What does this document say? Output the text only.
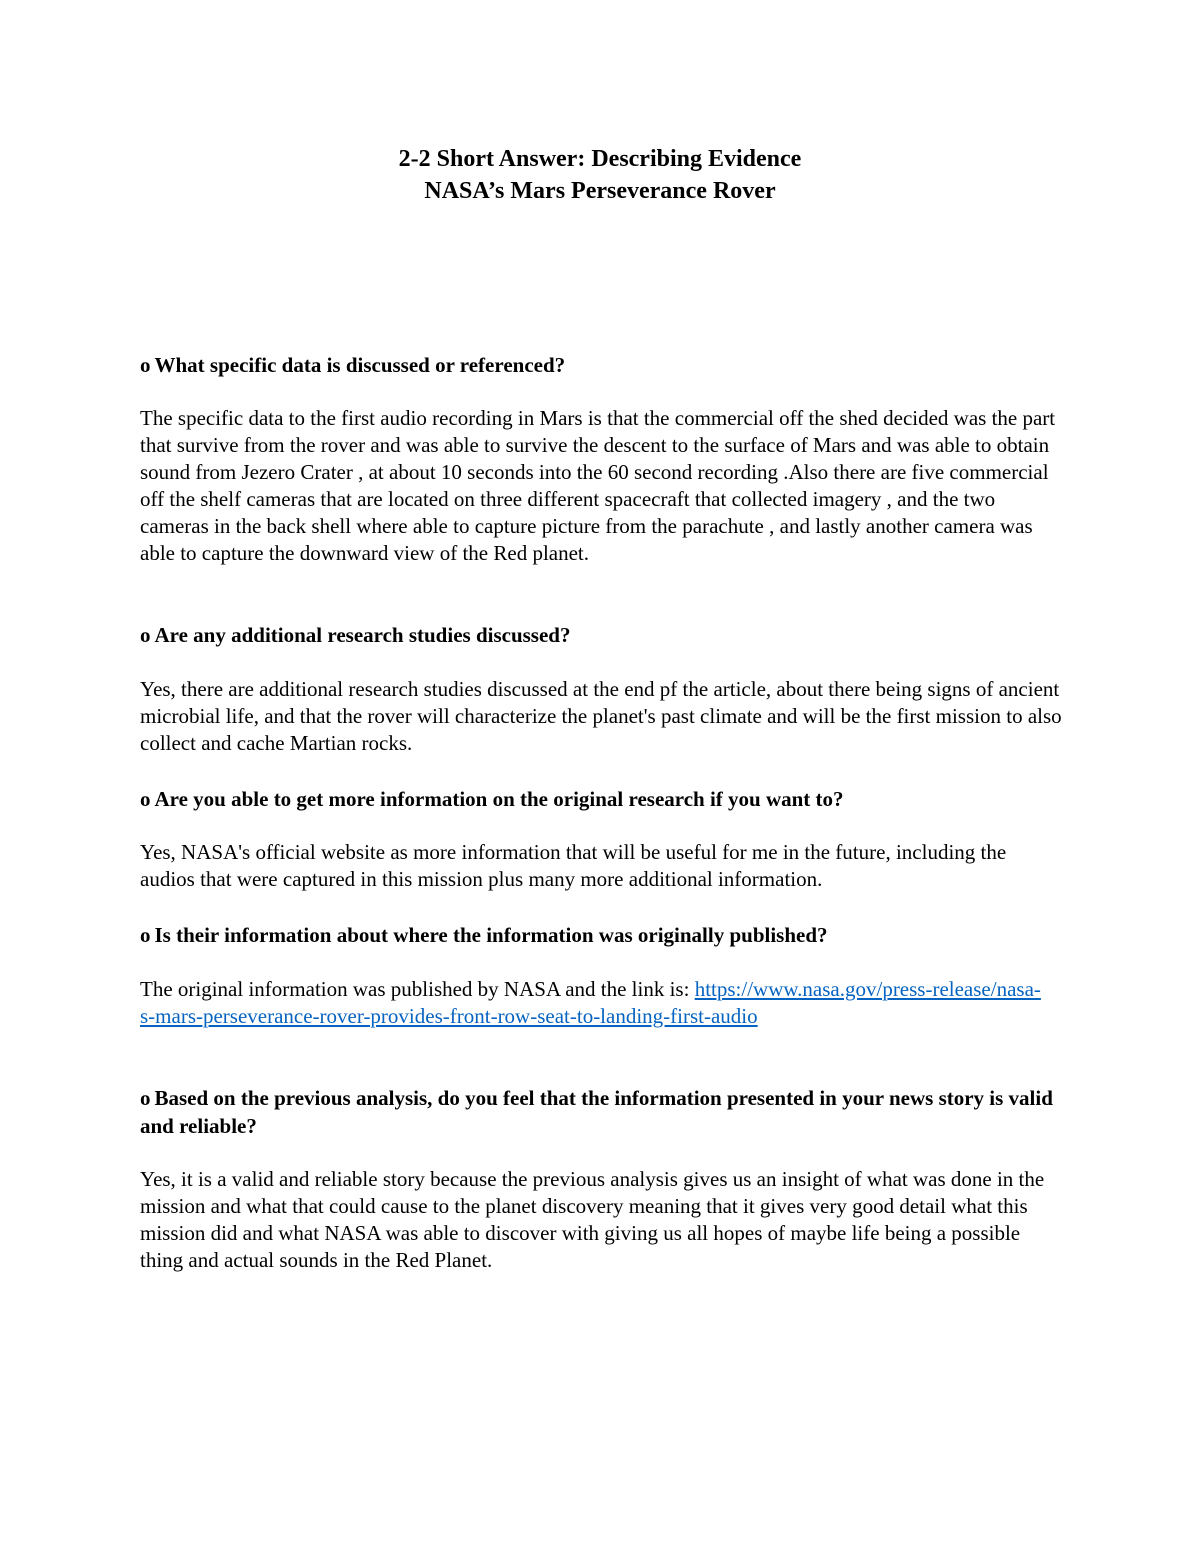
2-2 Short Answer: Describing Evidence
NASA’s Mars Perseverance Rover

o What specific data is discussed or referenced?

The specific data to the first audio recording in Mars is that the commercial off the shed decided was the part that survive from the rover and was able to survive the descent to the surface of Mars and was able to obtain sound from Jezero Crater , at about 10 seconds into the 60 second recording .Also there are five commercial off the shelf cameras that are located on three different spacecraft that collected imagery , and the two cameras in the back shell where able to capture picture from the parachute , and lastly another camera was able to capture the downward view of the Red planet.

o Are any additional research studies discussed?

Yes, there are additional research studies discussed at the end pf the article, about there being signs of ancient microbial life, and that the rover will characterize the planet's past climate and will be the first mission to also collect and cache Martian rocks.

o Are you able to get more information on the original research if you want to?

Yes, NASA's official website as more information that will be useful for me in the future, including the audios that were captured in this mission plus many more additional information.

o Is their information about where the information was originally published?

The original information was published by NASA and the link is: https://www.nasa.gov/press-release/nasa-s-mars-perseverance-rover-provides-front-row-seat-to-landing-first-audio

o Based on the previous analysis, do you feel that the information presented in your news story is valid and reliable?

Yes, it is a valid and reliable story because the previous analysis gives us an insight of what was done in the mission and what that could cause to the planet discovery meaning that it gives very good detail what this mission did and what NASA was able to discover with giving us all hopes of maybe life being a possible thing and actual sounds in the Red Planet.
